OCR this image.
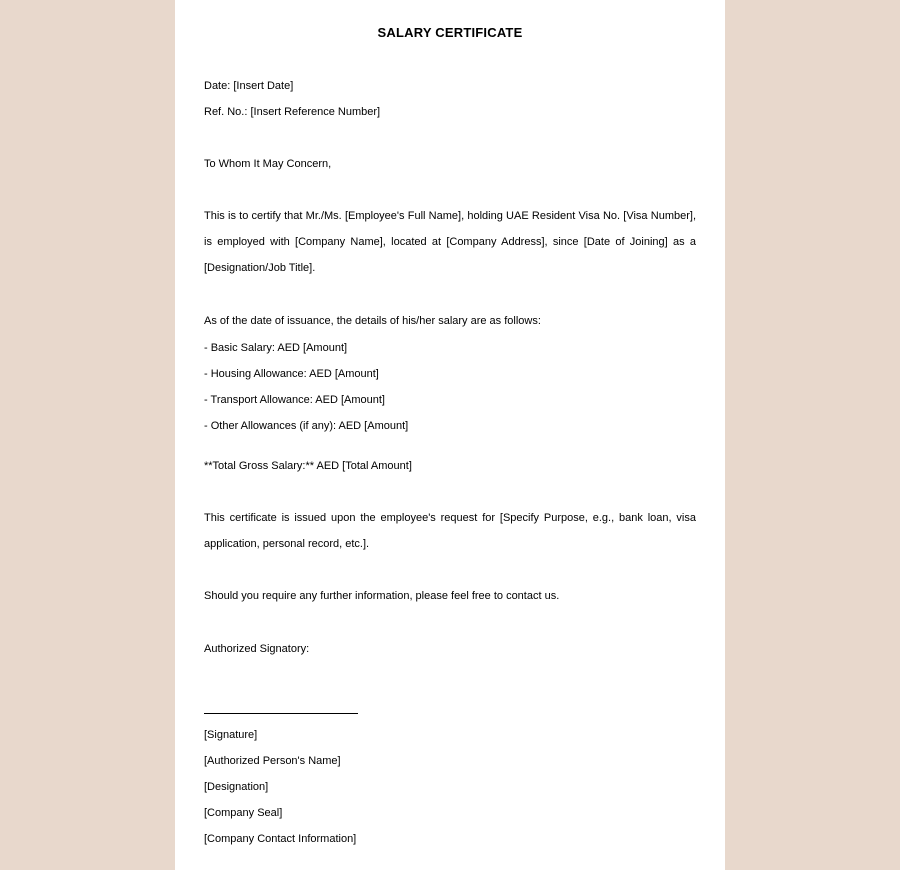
SALARY CERTIFICATE
Date: [Insert Date]
Ref. No.: [Insert Reference Number]
To Whom It May Concern,
This is to certify that Mr./Ms. [Employee's Full Name], holding UAE Resident Visa No. [Visa Number], is employed with [Company Name], located at [Company Address], since [Date of Joining] as a [Designation/Job Title].
As of the date of issuance, the details of his/her salary are as follows:
- Basic Salary: AED [Amount]
- Housing Allowance: AED [Amount]
- Transport Allowance: AED [Amount]
- Other Allowances (if any): AED [Amount]
**Total Gross Salary:** AED [Total Amount]
This certificate is issued upon the employee's request for [Specify Purpose, e.g., bank loan, visa application, personal record, etc.].
Should you require any further information, please feel free to contact us.
Authorized Signatory:
[Signature]
[Authorized Person's Name]
[Designation]
[Company Seal]
[Company Contact Information]
